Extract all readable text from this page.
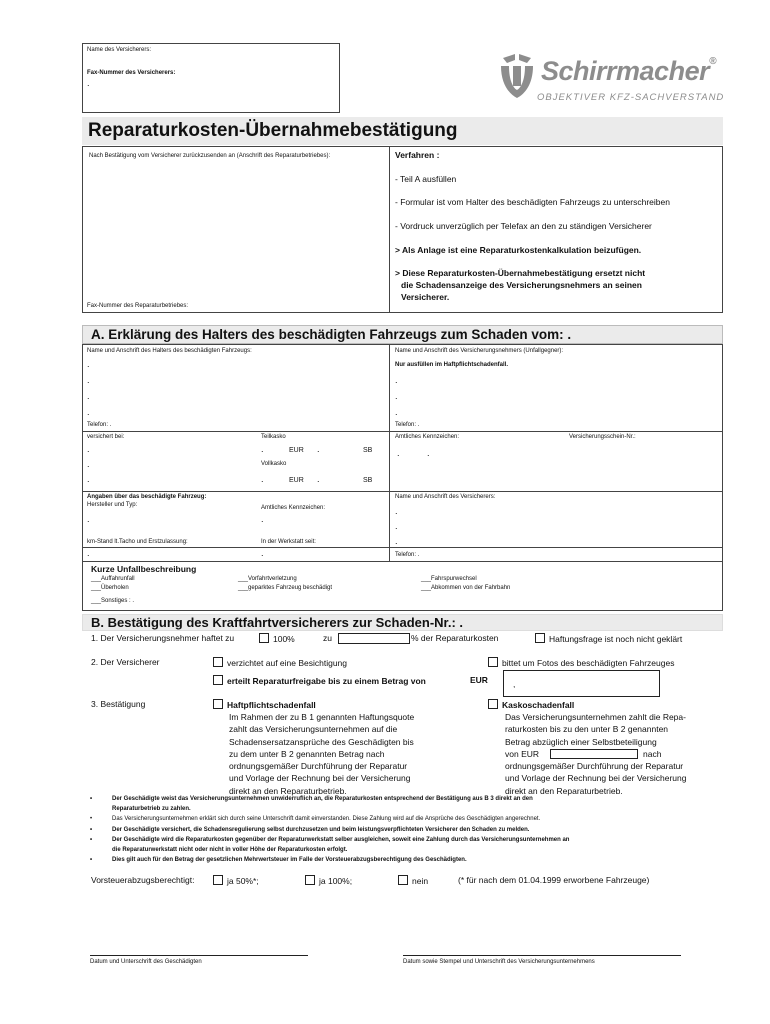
Name des Versicherers:
Fax-Nummer des Versicherers:
.	Schirrmacher®
OBJEKTIVER KFZ-SACHVERSTAND
Reparaturkosten-Übernahmebestätigung
Nach Bestätigung vom Versicherer zurückzusenden an (Anschrift des Reparaturbetriebes):
Fax-Nummer des Reparaturbetriebes:
Verfahren :
- Teil A ausfüllen
- Formular ist vom Halter des beschädigten Fahrzeugs zu unterschreiben
- Vordruck unverzüglich per Telefax an den zu ständigen Versicherer
> Als Anlage ist eine Reparaturkostenkalkulation beizufügen.
> Diese Reparaturkosten-Übernahmebestätigung ersetzt nicht
die Schadensanzeige des Versicherungsnehmers an seinen
Versicherer.
A. Erklärung des Halters des beschädigten Fahrzeugs zum Schaden vom: .
Name und Anschrift des Halters des beschädigten Fahrzeugs:
.
.
.
.
Telefon: .
Name und Anschrift des Versicherungsnehmers (Unfallgegner):
Nur ausfüllen im Haftpflichtschadenfall.
.
.
.
Telefon: .
versichert bei:	Teilkasko
.	.	EUR .	SB
.	Vollkasko
.	.	EUR .	SB
Amtliches Kennzeichen:	Versicherungsschein-Nr.:
.	.
Angaben über das beschädigte Fahrzeug:
Hersteller und Typ:	Amtliches Kennzeichen:
.	.
km-Stand lt.Tacho und Erstzulassung:	In der Werkstatt seit:
.	.
Name und Anschrift des Versicherers:
.
.
.
Telefon: .
Kurze Unfallbeschreibung
___Auffahrunfall
___Überholen
___Vorfahrtverletzung
___geparktes Fahrzeug beschädigt
___Fahrspurwechsel
___Abkommen von der Fahrbahn
___Sonstiges : .
B. Bestätigung des Kraftfahrtversicherers zur Schaden-Nr.: .
1. Der Versicherungsnehmer haftet zu	100%	zu	% der Reparaturkosten	Haftungsfrage ist noch nicht geklärt
2. Der Versicherer	verzichtet auf eine Besichtigung	bittet um Fotos des beschädigten Fahrzeuges
erteilt Reparaturfreigabe bis zu einem Betrag von	EUR	,
3. Bestätigung	Haftpflichtschadenfall
Im Rahmen der zu B 1 genannten Haftungsquote
zahlt das Versicherungsunternehmen auf die
Schadensersatzansprüche des Geschädigten bis
zu dem unter B 2 genannten Betrag nach
ordnungsgemäßer Durchführung der Reparatur
und Vorlage der Rechnung bei der Versicherung
direkt an den Reparaturbetrieb.
Kaskoschadenfall
Das Versicherungsunternehmen zahlt die Repa-
raturkosten bis zu den unter B 2 genannten
Betrag abzüglich einer Selbstbeteiligung
von EUR	nach
ordnungsgemäßer Durchführung der Reparatur
und Vorlage der Rechnung bei der Versicherung
direkt an den Reparaturbetrieb.
•	Der Geschädigte weist das Versicherungsunternehmen unwiderruflich an, die Reparaturkosten entsprechend der Bestätigung aus B 3 direkt an den
Reparaturbetrieb zu zahlen.
•	Das Versicherungsunternehmen erklärt sich durch seine Unterschrift damit einverstanden. Diese Zahlung wird auf die Ansprüche des Geschädigten angerechnet.
•	Der Geschädigte versichert, die Schadensregulierung selbst durchzusetzen und beim leistungsverpflichteten Versicherer den Schaden zu melden.
•	Der Geschädigte wird die Reparaturkosten gegenüber der Reparaturwerkstatt selber ausgleichen, soweit eine Zahlung durch das Versicherungsunternehmen an
die Reparaturwerkstatt nicht oder nicht in voller Höhe der Reparaturkosten erfolgt.
•	Dies gilt auch für den Betrag der gesetzlichen Mehrwertsteuer im Falle der Vorsteuerabzugsberechtigung des Geschädigten.
Vorsteuerabzugsberechtigt:	ja 50%*;	ja 100%;	nein	(* für nach dem 01.04.1999 erworbene Fahrzeuge)
Datum und Unterschrift des Geschädigten	Datum sowie Stempel und Unterschrift des Versicherungsunternehmens
